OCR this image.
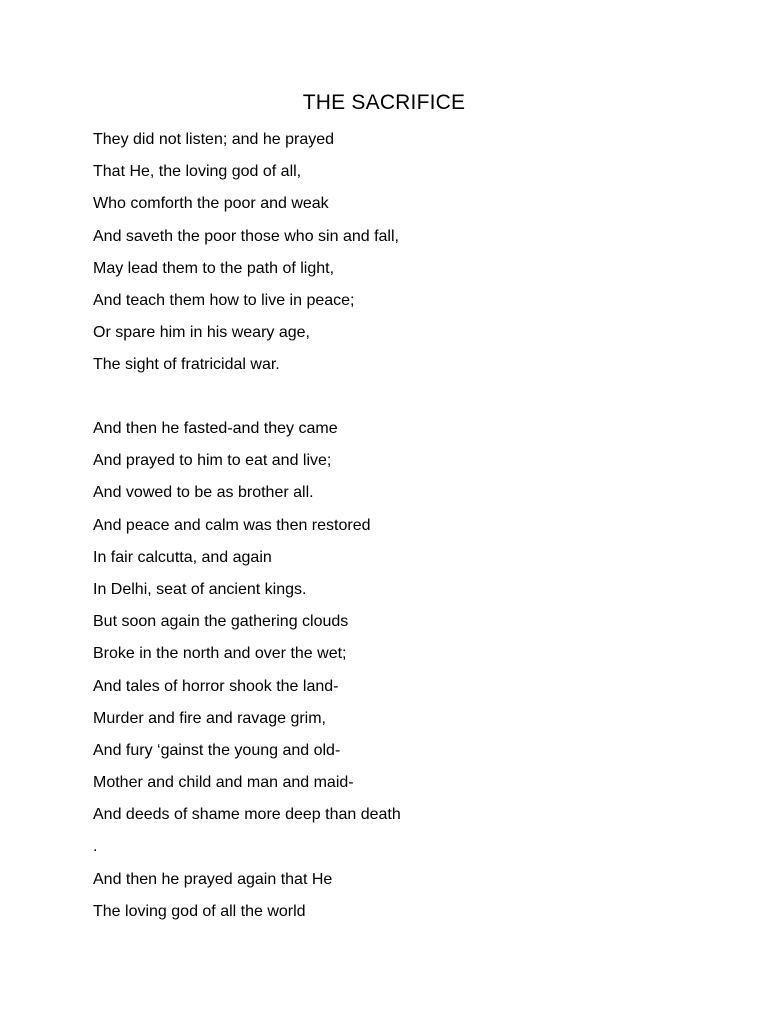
THE SACRIFICE
They did not listen; and he prayed
That He, the loving god of all,
Who comforth the poor and weak
And saveth the poor those who sin and fall,
May lead them to the path of light,
And teach them how to live in peace;
Or spare him in his weary age,
The sight of fratricidal war.
And then he fasted-and they came
And prayed to him to eat and live;
And vowed to be as brother all.
And peace and calm was then restored
In fair calcutta, and again
In Delhi, seat of ancient kings.
But soon again the gathering clouds
Broke in the north and over the wet;
And tales of horror shook the land-
Murder and fire and ravage grim,
And fury ‘gainst the young and old-
Mother and child and man and maid-
And deeds of shame more deep than death
.
And then he prayed again that He
The loving god of all the world
